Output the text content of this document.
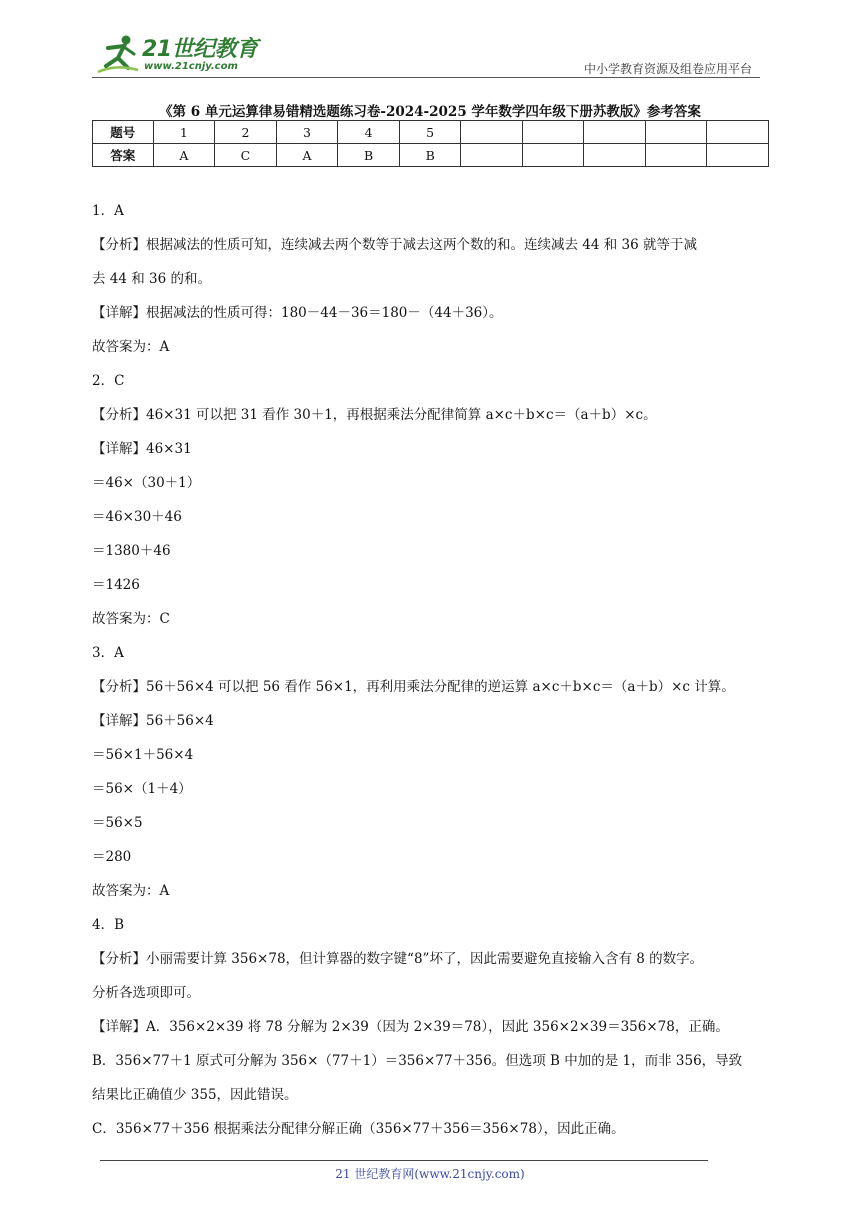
21世纪教育
www.21cnjy.com	中小学教育资源及组卷应用平台
《第 6 单元运算律易错精选题练习卷-2024-2025 学年数学四年级下册苏教版》参考答案
题号	1	2	3	4	5					
答案	A	C	A	B	B					
1．A
【分析】根据减法的性质可知，连续减去两个数等于减去这两个数的和。连续减去 44 和 36 就等于减
去 44 和 36 的和。
【详解】根据减法的性质可得：180－44－36＝180－（44＋36）。
故答案为：A
2．C
【分析】46×31 可以把 31 看作 30＋1，再根据乘法分配律简算 a×c＋b×c＝（a＋b）×c。
【详解】46×31
＝46×（30＋1）
＝46×30＋46
＝1380＋46
＝1426
故答案为：C
3．A
【分析】56＋56×4 可以把 56 看作 56×1，再利用乘法分配律的逆运算 a×c＋b×c＝（a＋b）×c 计算。
【详解】56＋56×4
＝56×1＋56×4
＝56×（1＋4）
＝56×5
＝280
故答案为：A
4．B
【分析】小丽需要计算 356×78，但计算器的数字键“8”坏了，因此需要避免直接输入含有 8 的数字。
分析各选项即可。
【详解】A．356×2×39 将 78 分解为 2×39（因为 2×39＝78），因此 356×2×39＝356×78，正确。
B．356×77＋1 原式可分解为 356×（77＋1）＝356×77＋356。但选项 B 中加的是 1，而非 356，导致
结果比正确值少 355，因此错误。
C．356×77＋356 根据乘法分配律分解正确（356×77＋356＝356×78），因此正确。
21 世纪教育网(www.21cnjy.com)
